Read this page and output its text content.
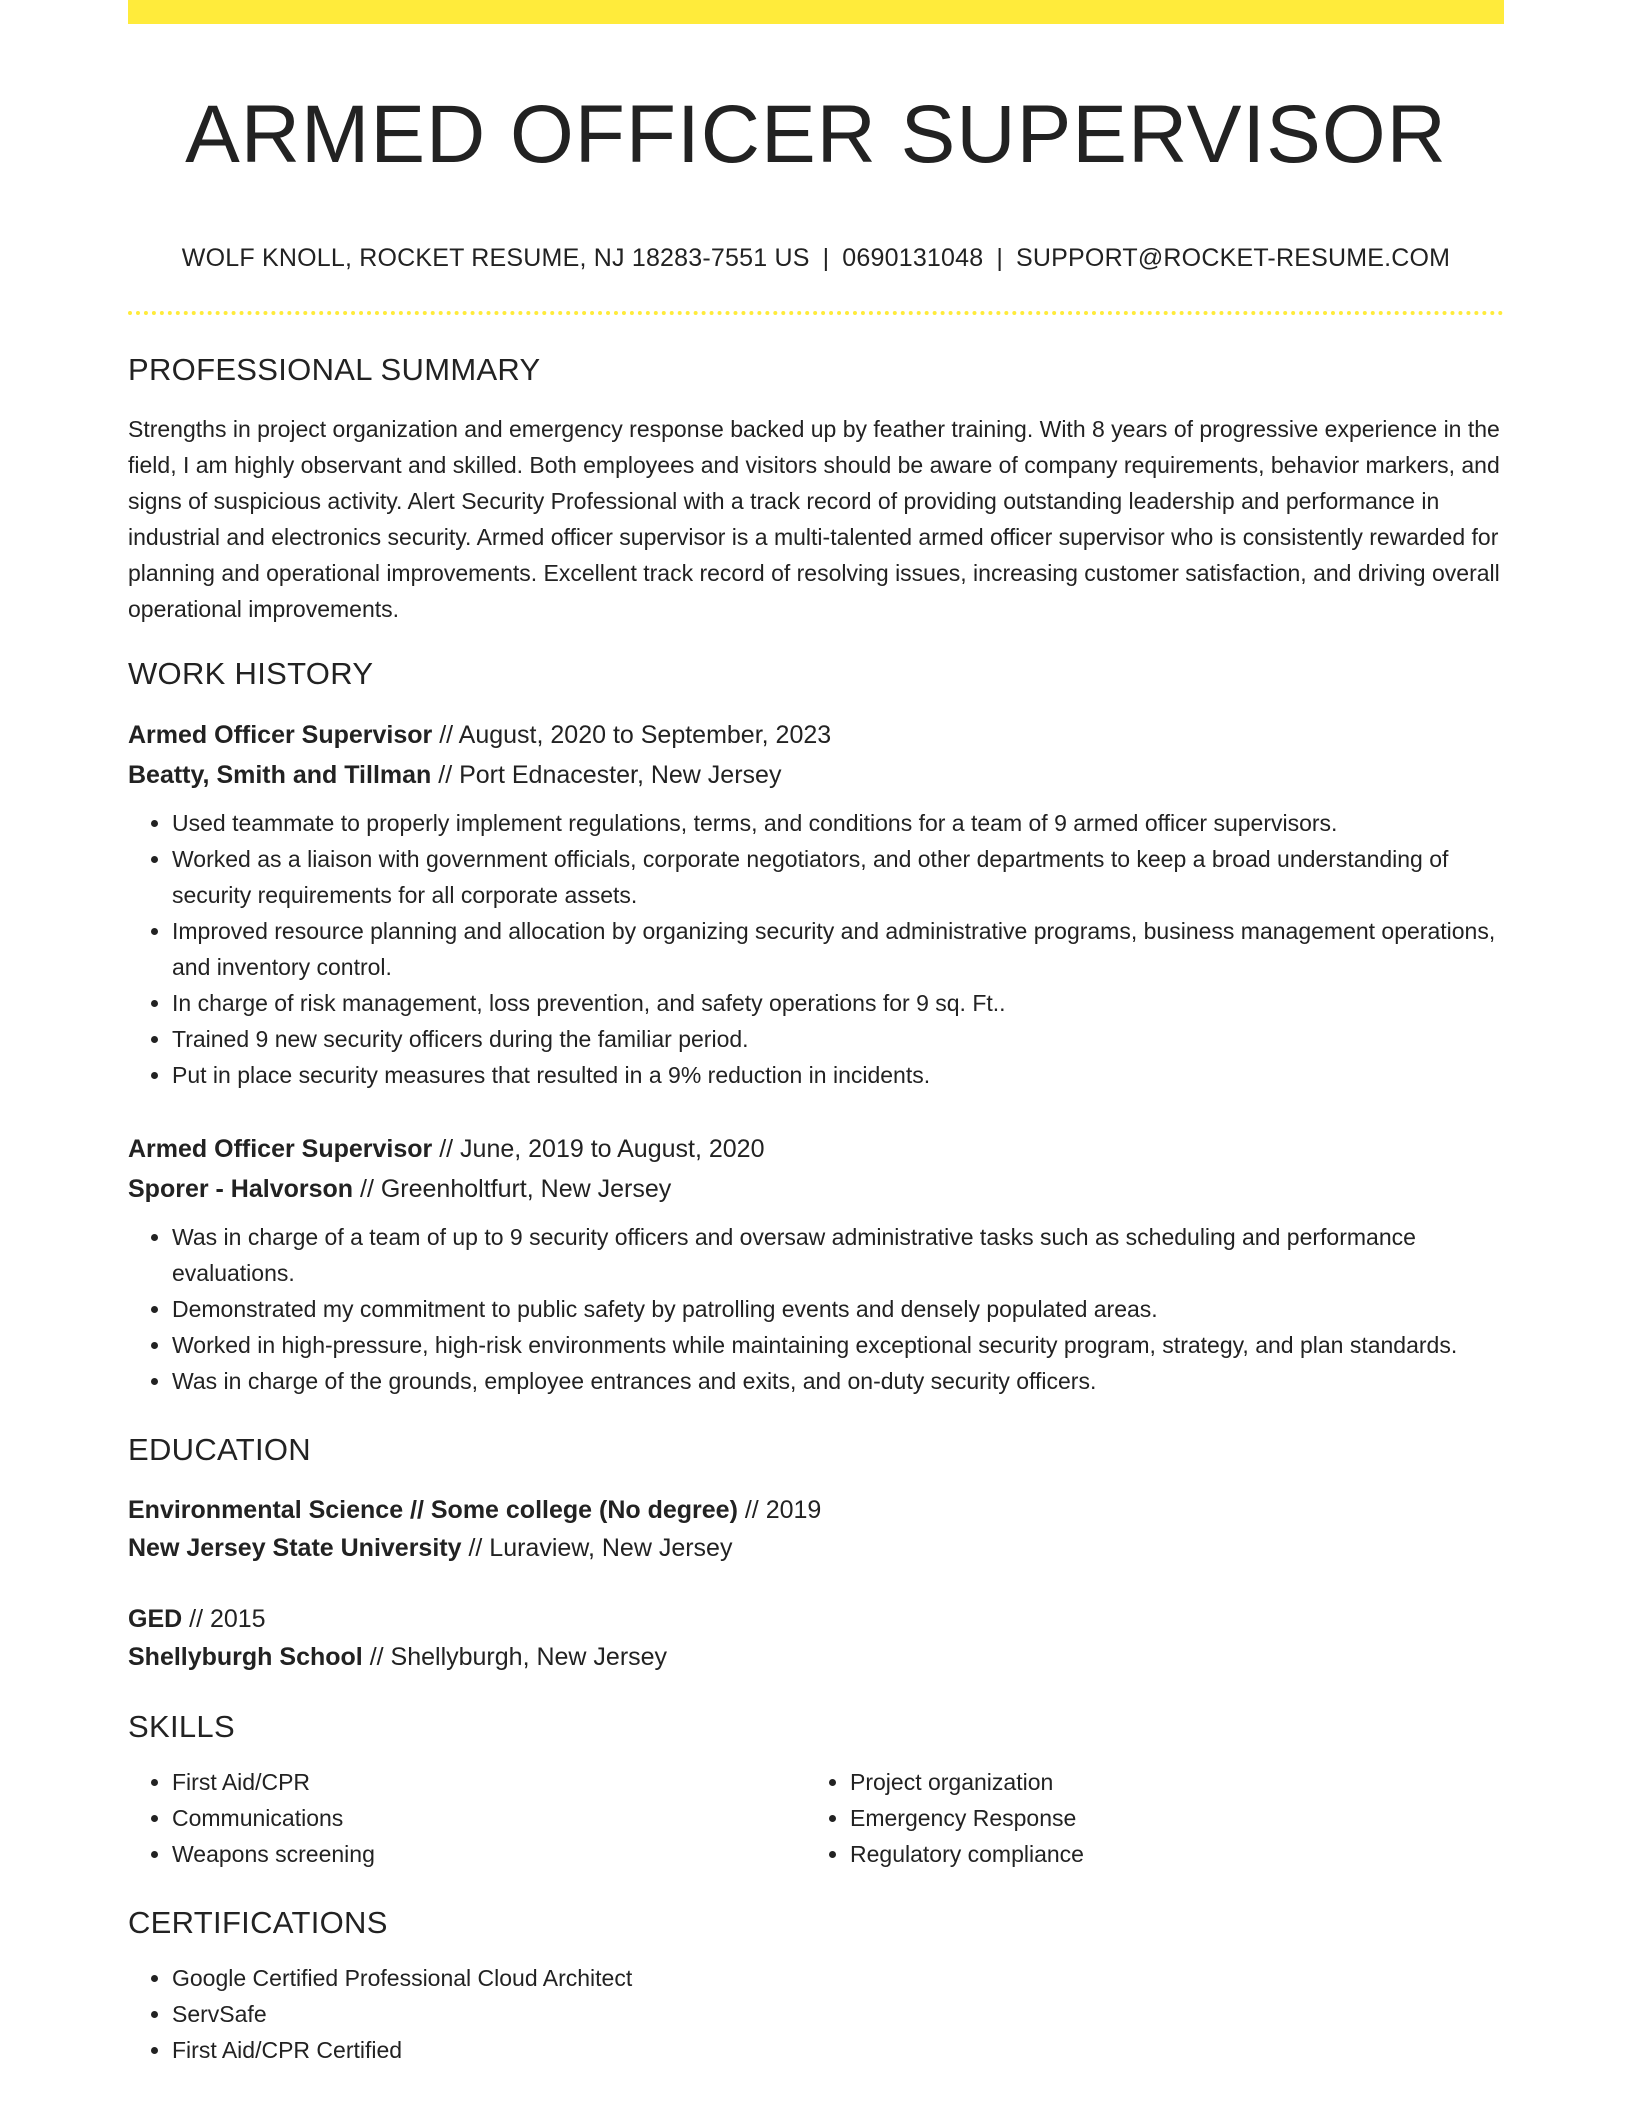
ARMED OFFICER SUPERVISOR
WOLF KNOLL, ROCKET RESUME, NJ 18283-7551 US | 0690131048 | SUPPORT@ROCKET-RESUME.COM
PROFESSIONAL SUMMARY

Strengths in project organization and emergency response backed up by feather training. With 8 years of progressive experience in the field, I am highly observant and skilled. Both employees and visitors should be aware of company requirements, behavior markers, and signs of suspicious activity. Alert Security Professional with a track record of providing outstanding leadership and performance in industrial and electronics security. Armed officer supervisor is a multi-talented armed officer supervisor who is consistently rewarded for planning and operational improvements. Excellent track record of resolving issues, increasing customer satisfaction, and driving overall operational improvements.

WORK HISTORY
Armed Officer Supervisor // August, 2020 to September, 2023
Beatty, Smith and Tillman // Port Ednacester, New Jersey
• Used teammate to properly implement regulations, terms, and conditions for a team of 9 armed officer supervisors.
• Worked as a liaison with government officials, corporate negotiators, and other departments to keep a broad understanding of security requirements for all corporate assets.
• Improved resource planning and allocation by organizing security and administrative programs, business management operations, and inventory control.
• In charge of risk management, loss prevention, and safety operations for 9 sq. Ft..
• Trained 9 new security officers during the familiar period.
• Put in place security measures that resulted in a 9% reduction in incidents.
Armed Officer Supervisor // June, 2019 to August, 2020
Sporer - Halvorson // Greenholtfurt, New Jersey
• Was in charge of a team of up to 9 security officers and oversaw administrative tasks such as scheduling and performance evaluations.
• Demonstrated my commitment to public safety by patrolling events and densely populated areas.
• Worked in high-pressure, high-risk environments while maintaining exceptional security program, strategy, and plan standards.
• Was in charge of the grounds, employee entrances and exits, and on-duty security officers.
EDUCATION
Environmental Science // Some college (No degree) // 2019
New Jersey State University // Luraview, New Jersey
GED // 2015
Shellyburgh School // Shellyburgh, New Jersey
SKILLS
• First Aid/CPR
• Communications
• Weapons screening
• Project organization
• Emergency Response
• Regulatory compliance
CERTIFICATIONS
• Google Certified Professional Cloud Architect
• ServSafe
• First Aid/CPR Certified
